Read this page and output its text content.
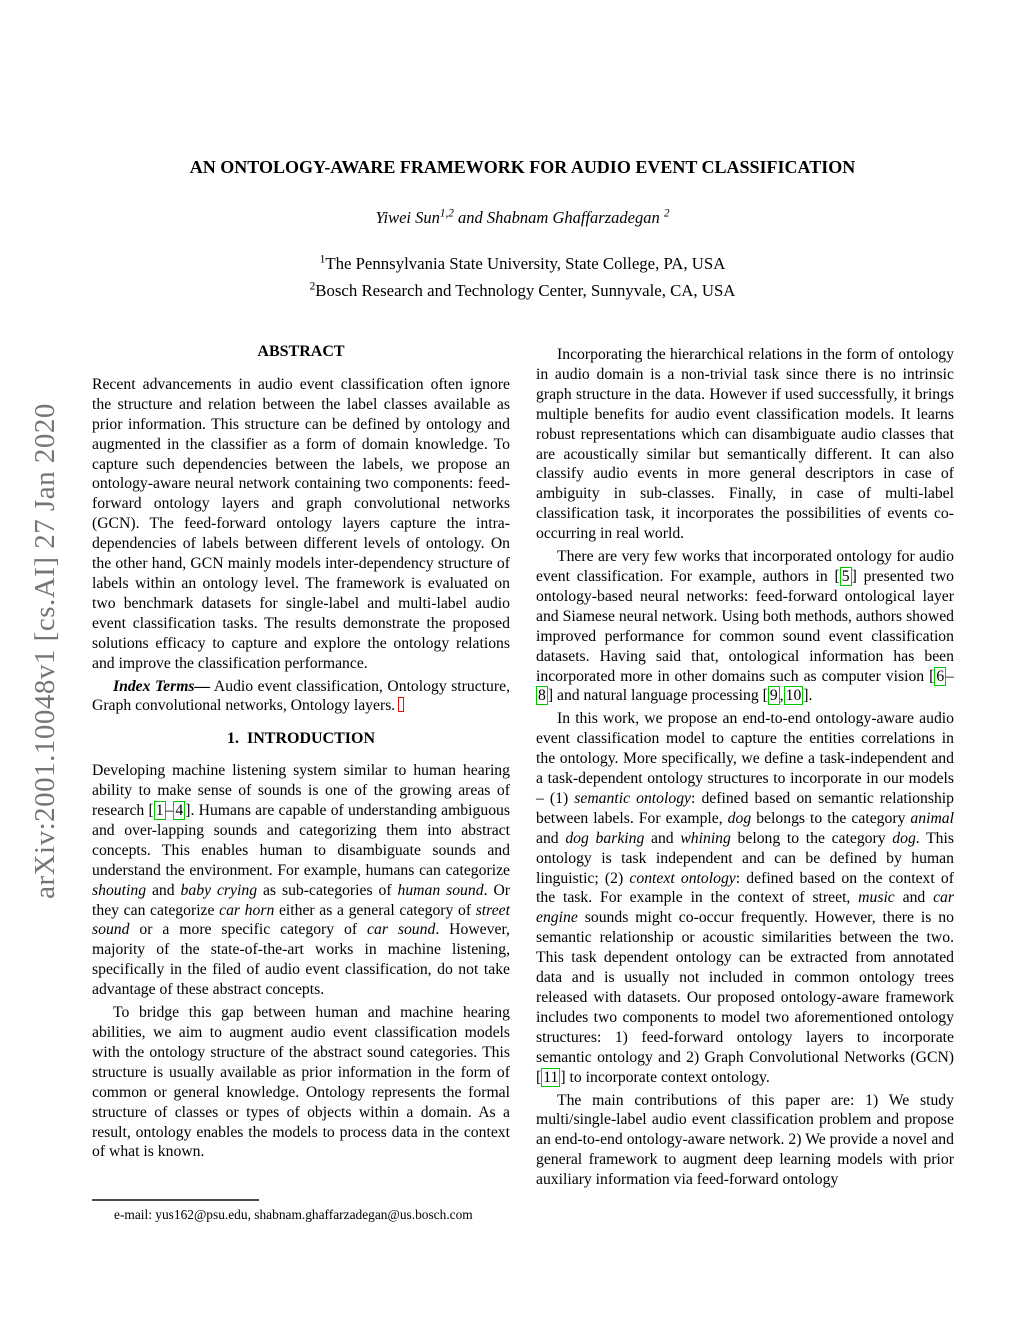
arXiv:2001.10048v1 [cs.AI] 27 Jan 2020
AN ONTOLOGY-AWARE FRAMEWORK FOR AUDIO EVENT CLASSIFICATION
Yiwei Sun$^{1,2}$ and Shabnam Ghaffarzadegan $^2$
$^1$The Pennsylvania State University, State College, PA, USA
$^2$Bosch Research and Technology Center, Sunnyvale, CA, USA
ABSTRACT

Recent advancements in audio event classification often ignore the structure and relation between the label classes available as prior information. This structure can be defined by ontology and augmented in the classifier as a form of domain knowledge. To capture such dependencies between the labels, we propose an ontology-aware neural network containing two components: feed-forward ontology layers and graph convolutional networks (GCN). The feed-forward ontology layers capture the intra-dependencies of labels between different levels of ontology. On the other hand, GCN mainly models inter-dependency structure of labels within an ontology level. The framework is evaluated on two benchmark datasets for single-label and multi-label audio event classification tasks. The results demonstrate the proposed solutions efficacy to capture and explore the ontology relations and improve the classification performance.

Index Terms— Audio event classification, Ontology structure, Graph convolutional networks, Ontology layers.

1. INTRODUCTION

Developing machine listening system similar to human hearing ability to make sense of sounds is one of the growing areas of research [ 1 – 4 ]. Humans are capable of understanding ambiguous and over-lapping sounds and categorizing them into abstract concepts. This enables human to disambiguate sounds and understand the environment. For example, humans can categorize shouting and baby crying as sub-categories of human sound. Or they can categorize car horn either as a general category of street sound or a more specific category of car sound. However, majority of the state-of-the-art works in machine listening, specifically in the filed of audio event classification, do not take advantage of these abstract concepts.

To bridge this gap between human and machine hearing abilities, we aim to augment audio event classification models with the ontology structure of the abstract sound categories. This structure is usually available as prior information in the form of common or general knowledge. Ontology represents the formal structure of classes or types of objects within a domain. As a result, ontology enables the models to process data in the context of what is known.

Incorporating the hierarchical relations in the form of ontology in audio domain is a non-trivial task since there is no intrinsic graph structure in the data. However if used successfully, it brings multiple benefits for audio event classification models. It learns robust representations which can disambiguate audio classes that are acoustically similar but semantically different. It can also classify audio events in more general descriptors in case of ambiguity in sub-classes. Finally, in case of multi-label classification task, it incorporates the possibilities of events co-occurring in real world.

There are very few works that incorporated ontology for audio event classification. For example, authors in [ 5 ] presented two ontology-based neural networks: feed-forward ontological layer and Siamese neural network. Using both methods, authors showed improved performance for common sound event classification datasets. Having said that, ontological information has been incorporated more in other domains such as computer vision [ 6 –8 ] and natural language processing [ 9 , 10 ].

In this work, we propose an end-to-end ontology-aware audio event classification model to capture the entities correlations in the ontology. More specifically, we define a task-independent and a task-dependent ontology structures to incorporate in our models – (1) semantic ontology: defined based on semantic relationship between labels. For example, dog belongs to the category animal and dog barking and whining belong to the category dog. This ontology is task independent and can be defined by human linguistic; (2) context ontology: defined based on the context of the task. For example in the context of street, music and car engine sounds might co-occur frequently. However, there is no semantic relationship or acoustic similarities between the two. This task dependent ontology can be extracted from annotated data and is usually not included in common ontology trees released with datasets. Our proposed ontology-aware framework includes two components to model two aforementioned ontology structures: 1) feed-forward ontology layers to incorporate semantic ontology and 2) Graph Convolutional Networks (GCN) [ 11 ] to incorporate context ontology.

The main contributions of this paper are: 1) We study multi/single-label audio event classification problem and propose an end-to-end ontology-aware network. 2) We provide a novel and general framework to augment deep learning models with prior auxiliary information via feed-forward ontology

e-mail: yus162@psu.edu, shabnam.ghaffarzadegan@us.bosch.com
